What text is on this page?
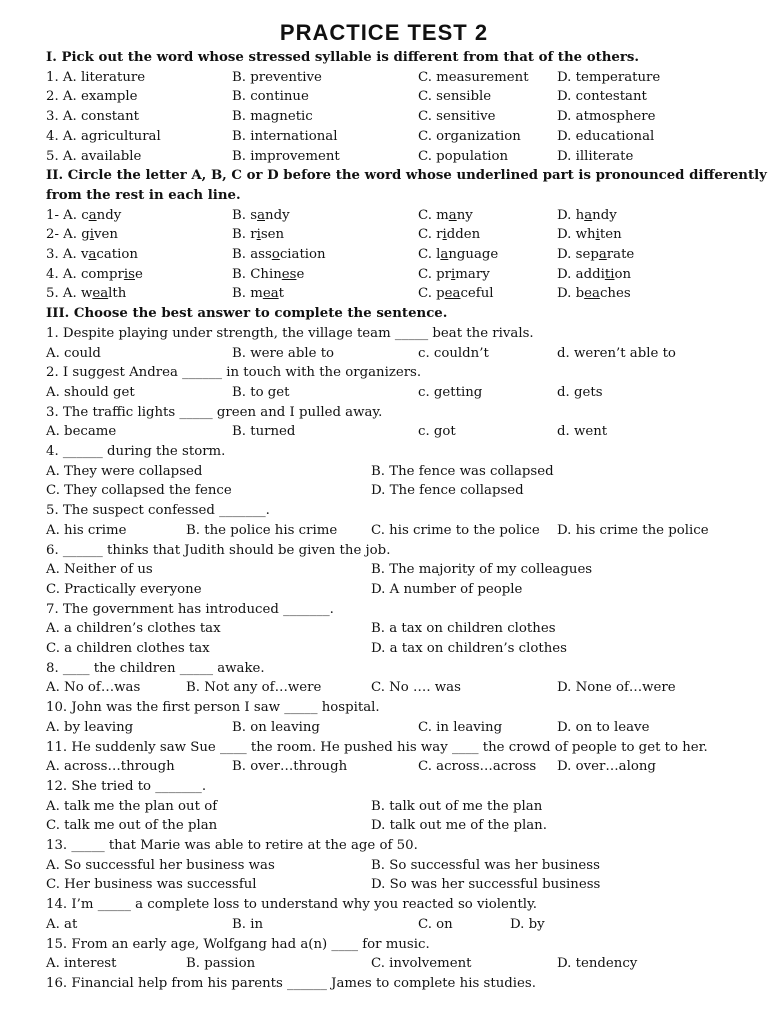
PRACTICE TEST 2
I. Pick out the word whose stressed syllable is different from that of the others.
1. A. literature	B. preventive	C. measurement D. temperature
2. A. example	B. continue	C. sensible	D. contestant
3. A. constant	B. magnetic	C. sensitive	D. atmosphere
4. A. agricultural	B. international	C. organization	D. educational
5. A. available	B. improvement	C. population	D. illiterate
II. Circle the letter A, B, C or D before the word whose underlined part is pronounced differently
from the rest in each line.
1- A. candy	B. sandy	C. many	D. handy
2- A. given	B. risen	C. ridden	D. whiten
3. A. vacation	B. association	C. language	D. separate
4. A. comprise	B. Chinese	C. primary	D. addition
5. A. wealth	B. meat	C. peaceful	D. beaches
III. Choose the best answer to complete the sentence.
1. Despite playing under strength, the village team _____ beat the rivals.
A. could	B. were able to	c. couldn’t	d. weren’t able to
2. I suggest Andrea ______ in touch with the organizers.
A. should get	B. to get	c. getting	d. gets
3. The traffic lights _____ green and I pulled away.
A. became	B. turned	c. got	d. went
4. ______ during the storm.
A. They were collapsed	B. The fence was collapsed
C. They collapsed the fence	D. The fence collapsed
5. The suspect confessed _______.
A. his crime	B. the police his crime	C. his crime to the police D. his crime the police
6. ______ thinks that Judith should be given the job.
A. Neither of us	B. The majority of my colleagues
C. Practically everyone	D. A number of people
7. The government has introduced _______.
A. a children’s clothes tax	B. a tax on children clothes
C. a children clothes tax	D. a tax on children’s clothes
8. ____ the children _____ awake.
A. No of…was	B. Not any of…were	C. No …. was	D. None of…were
10. John was the first person I saw _____ hospital.
A. by leaving	B. on leaving	C. in leaving	D. on to leave
11. He suddenly saw Sue ____ the room. He pushed his way ____ the crowd of people to get to her.
A. across…through	B. over…through	C. across…across D. over…along
12. She tried to _______.
A. talk me the plan out of	B. talk out of me the plan
C. talk me out of the plan	D. talk out me of the plan.
13. _____ that Marie was able to retire at the age of 50.
A. So successful her business was	B. So successful was her business
C. Her business was successful	D. So was her successful business
14. I’m _____ a complete loss to understand why you reacted so violently.
A. at	B. in	C. on	D. by
15. From an early age, Wolfgang had a(n) ____ for music.
A. interest	B. passion	C. involvement	D. tendency
16. Financial help from his parents ______ James to complete his studies.
